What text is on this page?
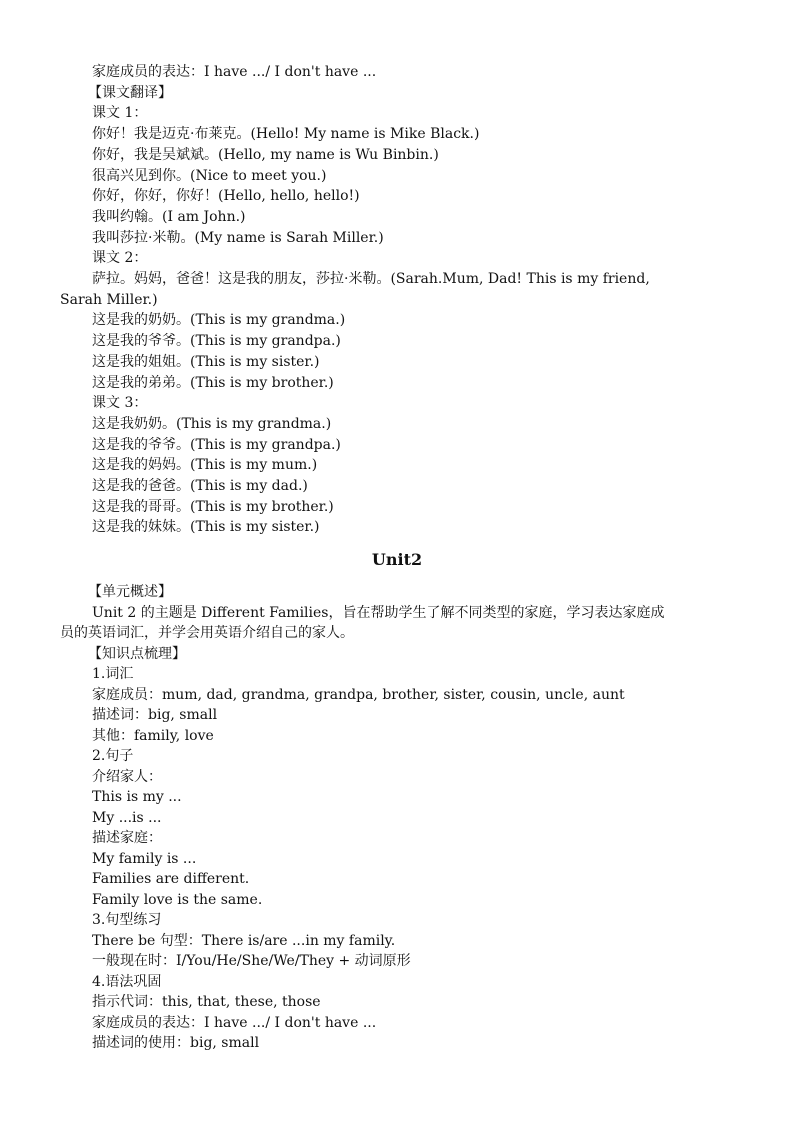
家庭成员的表达：I have .../ I don't have ...
【课文翻译】
课文 1：
你好！我是迈克·布莱克。(Hello! My name is Mike Black.)
你好，我是吴斌斌。(Hello, my name is Wu Binbin.)
很高兴见到你。(Nice to meet you.)
你好，你好，你好！(Hello, hello, hello!)
我叫约翰。(I am John.)
我叫莎拉·米勒。(My name is Sarah Miller.)
课文 2：
萨拉。妈妈，爸爸！这是我的朋友，莎拉·米勒。(Sarah.Mum, Dad! This is my friend,
Sarah Miller.)
这是我的奶奶。(This is my grandma.)
这是我的爷爷。(This is my grandpa.)
这是我的姐姐。(This is my sister.)
这是我的弟弟。(This is my brother.)
课文 3：
这是我奶奶。(This is my grandma.)
这是我的爷爷。(This is my grandpa.)
这是我的妈妈。(This is my mum.)
这是我的爸爸。(This is my dad.)
这是我的哥哥。(This is my brother.)
这是我的妹妹。(This is my sister.)
Unit2
【单元概述】
Unit 2 的主题是 Different Families，旨在帮助学生了解不同类型的家庭，学习表达家庭成
员的英语词汇，并学会用英语介绍自己的家人。
【知识点梳理】
1.词汇
家庭成员：mum, dad, grandma, grandpa, brother, sister, cousin, uncle, aunt
描述词：big, small
其他：family, love
2.句子
介绍家人：
This is my ...
My ...is ...
描述家庭：
My family is ...
Families are different.
Family love is the same.
3.句型练习
There be 句型：There is/are ...in my family.
一般现在时：I/You/He/She/We/They + 动词原形
4.语法巩固
指示代词：this, that, these, those
家庭成员的表达：I have .../ I don't have ...
描述词的使用：big, small
